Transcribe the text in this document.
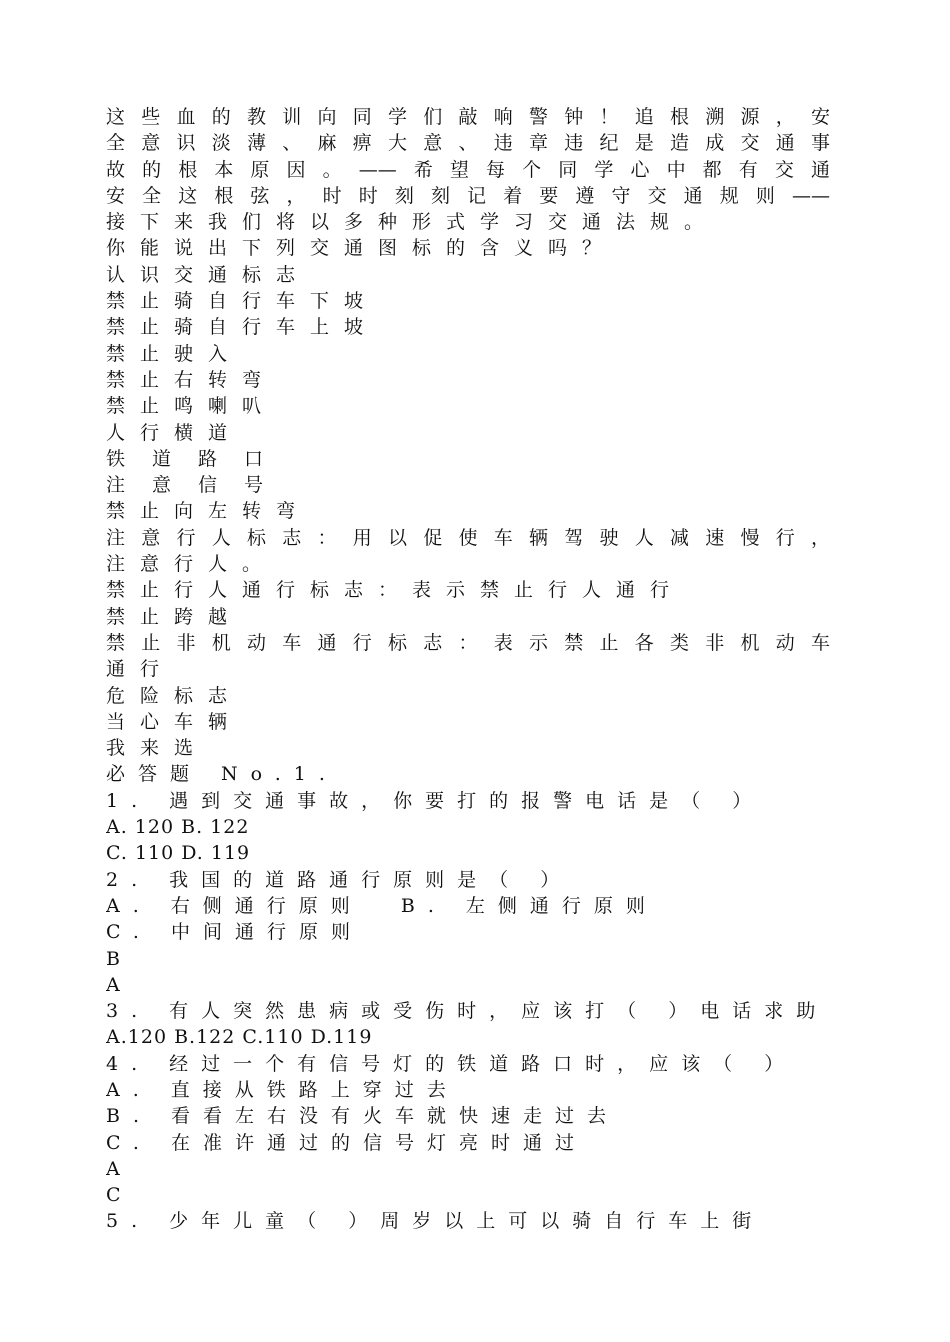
这​些​血​的​教​训​向​同​学​们​敲​响​警​钟​！​追​根​溯​源​，​安
全​意​识​淡​薄​、​麻​痹​大​意​、​违​章​违​纪​是​造​成​交​通​事
故​的​根​本​原​因​。​—​—​希​望​每​个​同​学​心​中​都​有​交​通
安​全​这​根​弦​，​时​时​刻​刻​记​着​要​遵​守​交​通​规​则​—​—
接下来我们将以多种形式学习交通法规。
你能说出下列交通图标的含义吗？
认识交通标志
禁止骑自行车下坡
禁止骑自行车上坡
禁止驶入
禁止右转弯
禁止鸣喇叭
人行横道
铁道路口
注意信号
禁止向左转弯
注​意​行​人​标​志​：​用​以​促​使​车​辆​驾​驶​人​减​速​慢​行​，
注意行人。
禁止行人通行标志：表示禁止行人通行
禁止跨越
禁​止​非​机​动​车​通​行​标​志​：​表​示​禁​止​各​类​非​机​动​车
通行
危险标志
当心车辆
我来选
必答题 No.1.
1. 遇到交通事故，你要打的报警电话是（ ）
A. 120 B. 122
C. 110 D. 119
2. 我国的道路通行原则是（ ）
A. 右侧通行原则  B. 左侧通行原则
C. 中间通行原则
B
A
3. 有人突然患病或受伤时，应该打（ ）电话求助
A.120 B.122 C.110 D.119
4. 经过一个有信号灯的铁道路口时，应该（ ）
A. 直接从铁路上穿过去
B. 看看左右没有火车就快速走过去
C. 在准许通过的信号灯亮时通过
A
C
5. 少年儿童（ ）周岁以上可以骑自行车上街
